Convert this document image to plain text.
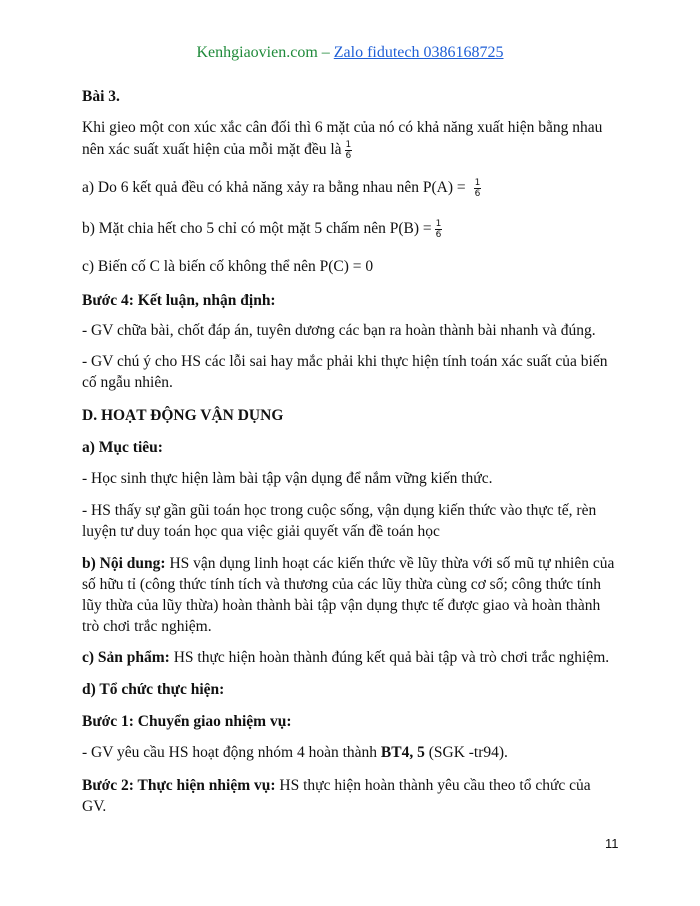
Kenhgiaovien.com – Zalo fidutech 0386168725

Bài 3.

Khi gieo một con xúc xắc cân đối thì 6 mặt của nó có khả năng xuất hiện bằng nhau

nên xác suất xuất hiện của mỗi mặt đều là $\frac{1}{6}$

a) Do 6 kết quả đều có khả năng xảy ra bằng nhau nên $P(A) = \frac{1}{6}$

b) Mặt chia hết cho 5 chỉ có một mặt 5 chấm nên $P(B) = \frac{1}{6}$

c) Biến cố C là biến cố không thể nên P(C) = 0

Bước 4: Kết luận, nhận định:

- GV chữa bài, chốt đáp án, tuyên dương các bạn ra hoàn thành bài nhanh và đúng.

- GV chú ý cho HS các lỗi sai hay mắc phải khi thực hiện tính toán xác suất của biến

cố ngẫu nhiên.

D. HOẠT ĐỘNG VẬN DỤNG

a) Mục tiêu:

- Học sinh thực hiện làm bài tập vận dụng để nắm vững kiến thức.

- HS thấy sự gần gũi toán học trong cuộc sống, vận dụng kiến thức vào thực tế, rèn

luyện tư duy toán học qua việc giải quyết vấn đề toán học

b) Nội dung: HS vận dụng linh hoạt các kiến thức về lũy thừa với số mũ tự nhiên của

số hữu tỉ (công thức tính tích và thương của các lũy thừa cùng cơ số; công thức tính

lũy thừa của lũy thừa) hoàn thành bài tập vận dụng thực tế được giao và hoàn thành

trò chơi trắc nghiệm.

c) Sản phẩm: HS thực hiện hoàn thành đúng kết quả bài tập và trò chơi trắc nghiệm.

d) Tổ chức thực hiện:

Bước 1: Chuyển giao nhiệm vụ:

- GV yêu cầu HS hoạt động nhóm 4 hoàn thành BT4, 5 (SGK -tr94).

Bước 2: Thực hiện nhiệm vụ: HS thực hiện hoàn thành yêu cầu theo tổ chức của

GV.

11
